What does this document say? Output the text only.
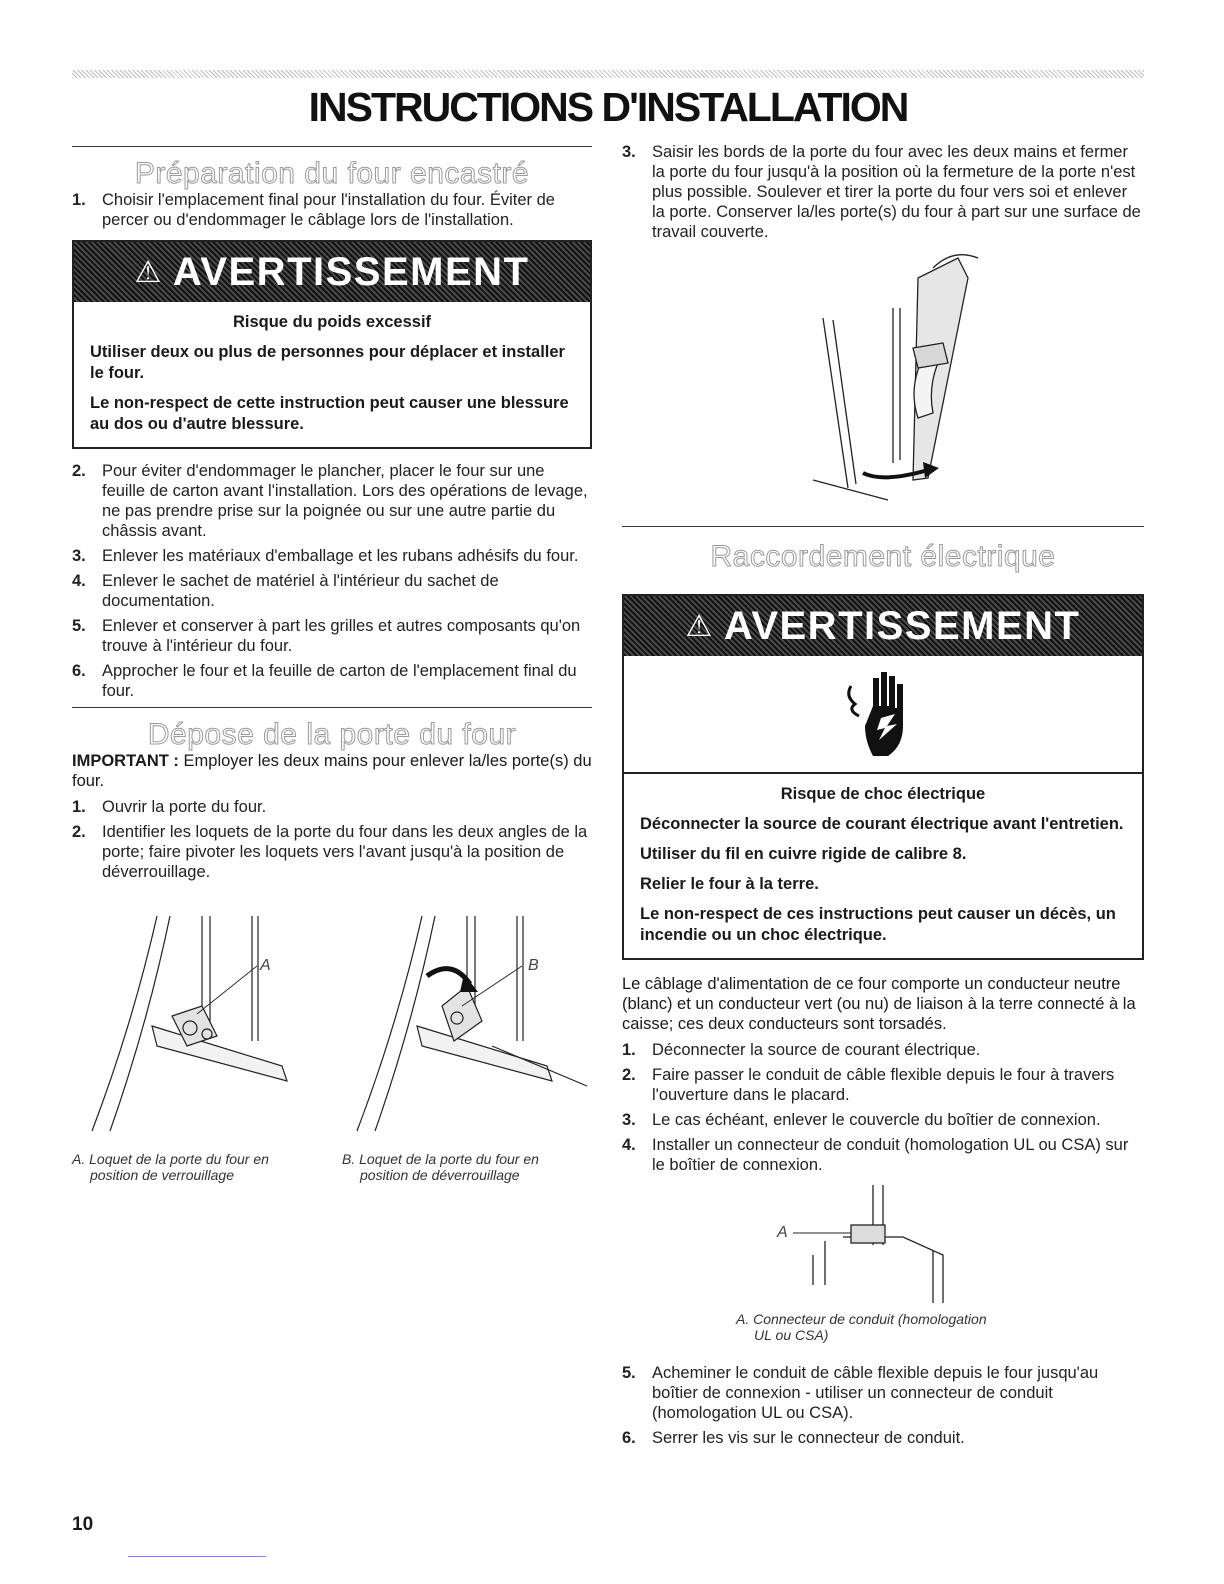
INSTRUCTIONS D'INSTALLATION
Préparation du four encastré
1. Choisir l'emplacement final pour l'installation du four. Éviter de percer ou d'endommager le câblage lors de l'installation.
⚠ AVERTISSEMENT

Risque du poids excessif

Utiliser deux ou plus de personnes pour déplacer et installer le four.

Le non-respect de cette instruction peut causer une blessure au dos ou d'autre blessure.

2. Pour éviter d'endommager le plancher, placer le four sur une feuille de carton avant l'installation. Lors des opérations de levage, ne pas prendre prise sur la poignée ou sur une autre partie du châssis avant.
3. Enlever les matériaux d'emballage et les rubans adhésifs du four.
4. Enlever le sachet de matériel à l'intérieur du sachet de documentation.
5. Enlever et conserver à part les grilles et autres composants qu'on trouve à l'intérieur du four.
6. Approcher le four et la feuille de carton de l'emplacement final du four.
Dépose de la porte du four

IMPORTANT : Employer les deux mains pour enlever la/les porte(s) du four.

1. Ouvrir la porte du four.
2. Identifier les loquets de la porte du four dans les deux angles de la porte; faire pivoter les loquets vers l'avant jusqu'à la position de déverrouillage.
A
A. Loquet de la porte du four en
position de verrouillage
B
B. Loquet de la porte du four en
position de déverrouillage
3. Saisir les bords de la porte du four avec les deux mains et fermer la porte du four jusqu'à la position où la fermeture de la porte n'est plus possible. Soulever et tirer la porte du four vers soi et enlever la porte. Conserver la/les porte(s) du four à part sur une surface de travail couverte.
Raccordement électrique
⚠ AVERTISSEMENT

Risque de choc électrique

Déconnecter la source de courant électrique avant l'entretien.

Utiliser du fil en cuivre rigide de calibre 8.

Relier le four à la terre.

Le non-respect de ces instructions peut causer un décès, un incendie ou un choc électrique.

Le câblage d'alimentation de ce four comporte un conducteur neutre (blanc) et un conducteur vert (ou nu) de liaison à la terre connecté à la caisse; ces deux conducteurs sont torsadés.

1. Déconnecter la source de courant électrique.
2. Faire passer le conduit de câble flexible depuis le four à travers l'ouverture dans le placard.
3. Le cas échéant, enlever le couvercle du boîtier de connexion.
4. Installer un connecteur de conduit (homologation UL ou CSA) sur le boîtier de connexion.
A
A. Connecteur de conduit (homologation
UL ou CSA)
5. Acheminer le conduit de câble flexible depuis le four jusqu'au boîtier de connexion - utiliser un connecteur de conduit (homologation UL ou CSA).
6. Serrer les vis sur le connecteur de conduit.
10
